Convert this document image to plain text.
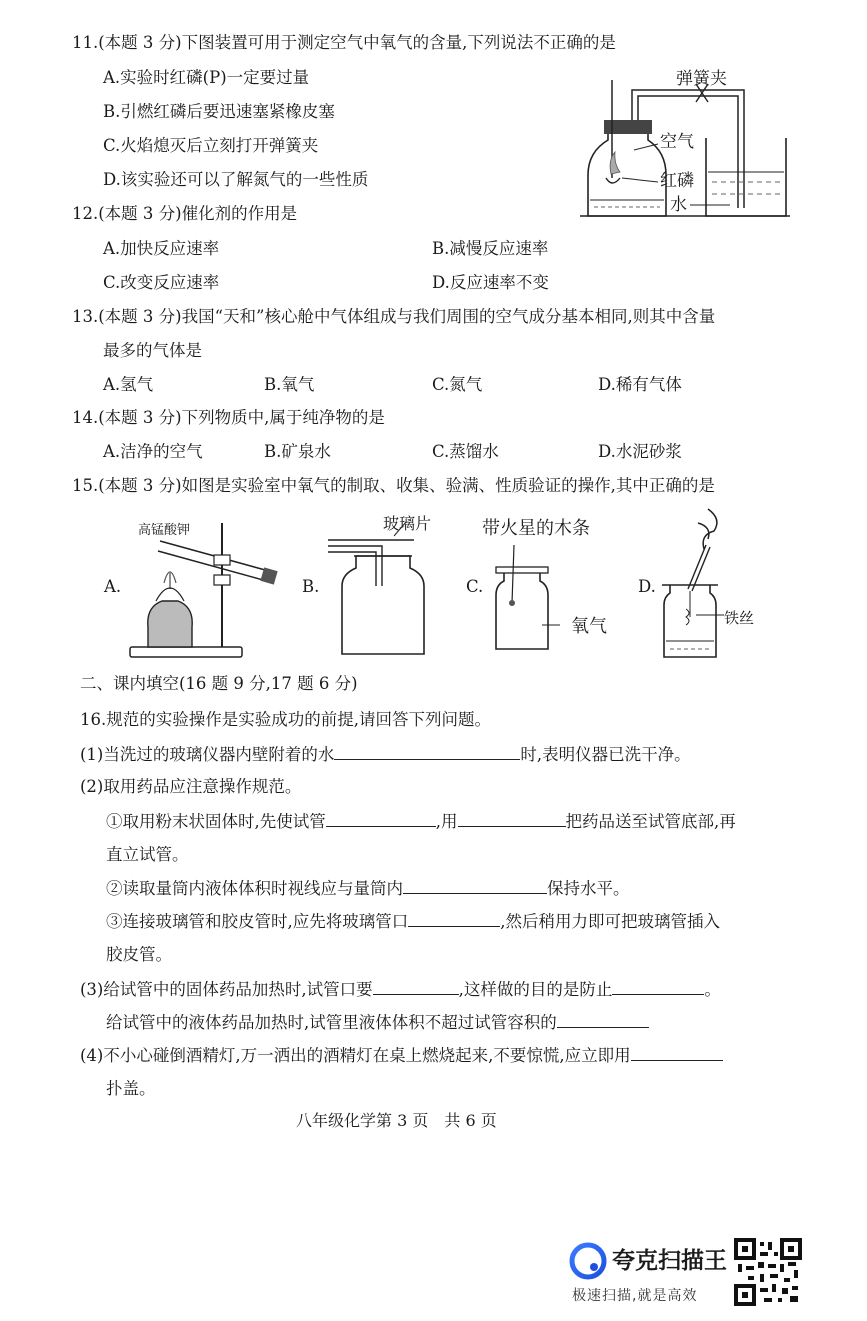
11.(本题 3 分)下图装置可用于测定空气中氧气的含量,下列说法不正确的是
A.实验时红磷(P)一定要过量
B.引燃红磷后要迅速塞紧橡皮塞
C.火焰熄灭后立刻打开弹簧夹
D.该实验还可以了解氮气的一些性质
弹簧夹
空气
红磷
水
12.(本题 3 分)催化剂的作用是
A.加快反应速率	B.减慢反应速率
C.改变反应速率	D.反应速率不变
13.(本题 3 分)我国“天和”核心舱中气体组成与我们周围的空气成分基本相同,则其中含量
最多的气体是
A.氢气	B.氧气	C.氮气	D.稀有气体
14.(本题 3 分)下列物质中,属于纯净物的是
A.洁净的空气	B.矿泉水	C.蒸馏水	D.水泥砂浆
15.(本题 3 分)如图是实验室中氧气的制取、收集、验满、性质验证的操作,其中正确的是
A.
高锰酸钾
B.
玻璃片
C.
带火星的木条
氧气
D.
铁丝
二、课内填空(16 题 9 分,17 题 6 分)
16.规范的实验操作是实验成功的前提,请回答下列问题。
(1)当洗过的玻璃仪器内壁附着的水	时,表明仪器已洗干净。
(2)取用药品应注意操作规范。
①取用粉末状固体时,先使试管	,用	把药品送至试管底部,再
直立试管。
②读取量筒内液体体积时视线应与量筒内	保持水平。
③连接玻璃管和胶皮管时,应先将玻璃管口	,然后稍用力即可把玻璃管插入
胶皮管。
(3)给试管中的固体药品加热时,试管口要	,这样做的目的是防止	。
给试管中的液体药品加热时,试管里液体体积不超过试管容积的
(4)不小心碰倒酒精灯,万一洒出的酒精灯在桌上燃烧起来,不要惊慌,应立即用
扑盖。
八年级化学第 3 页　共 6 页
夸克扫描王
极速扫描,就是高效
